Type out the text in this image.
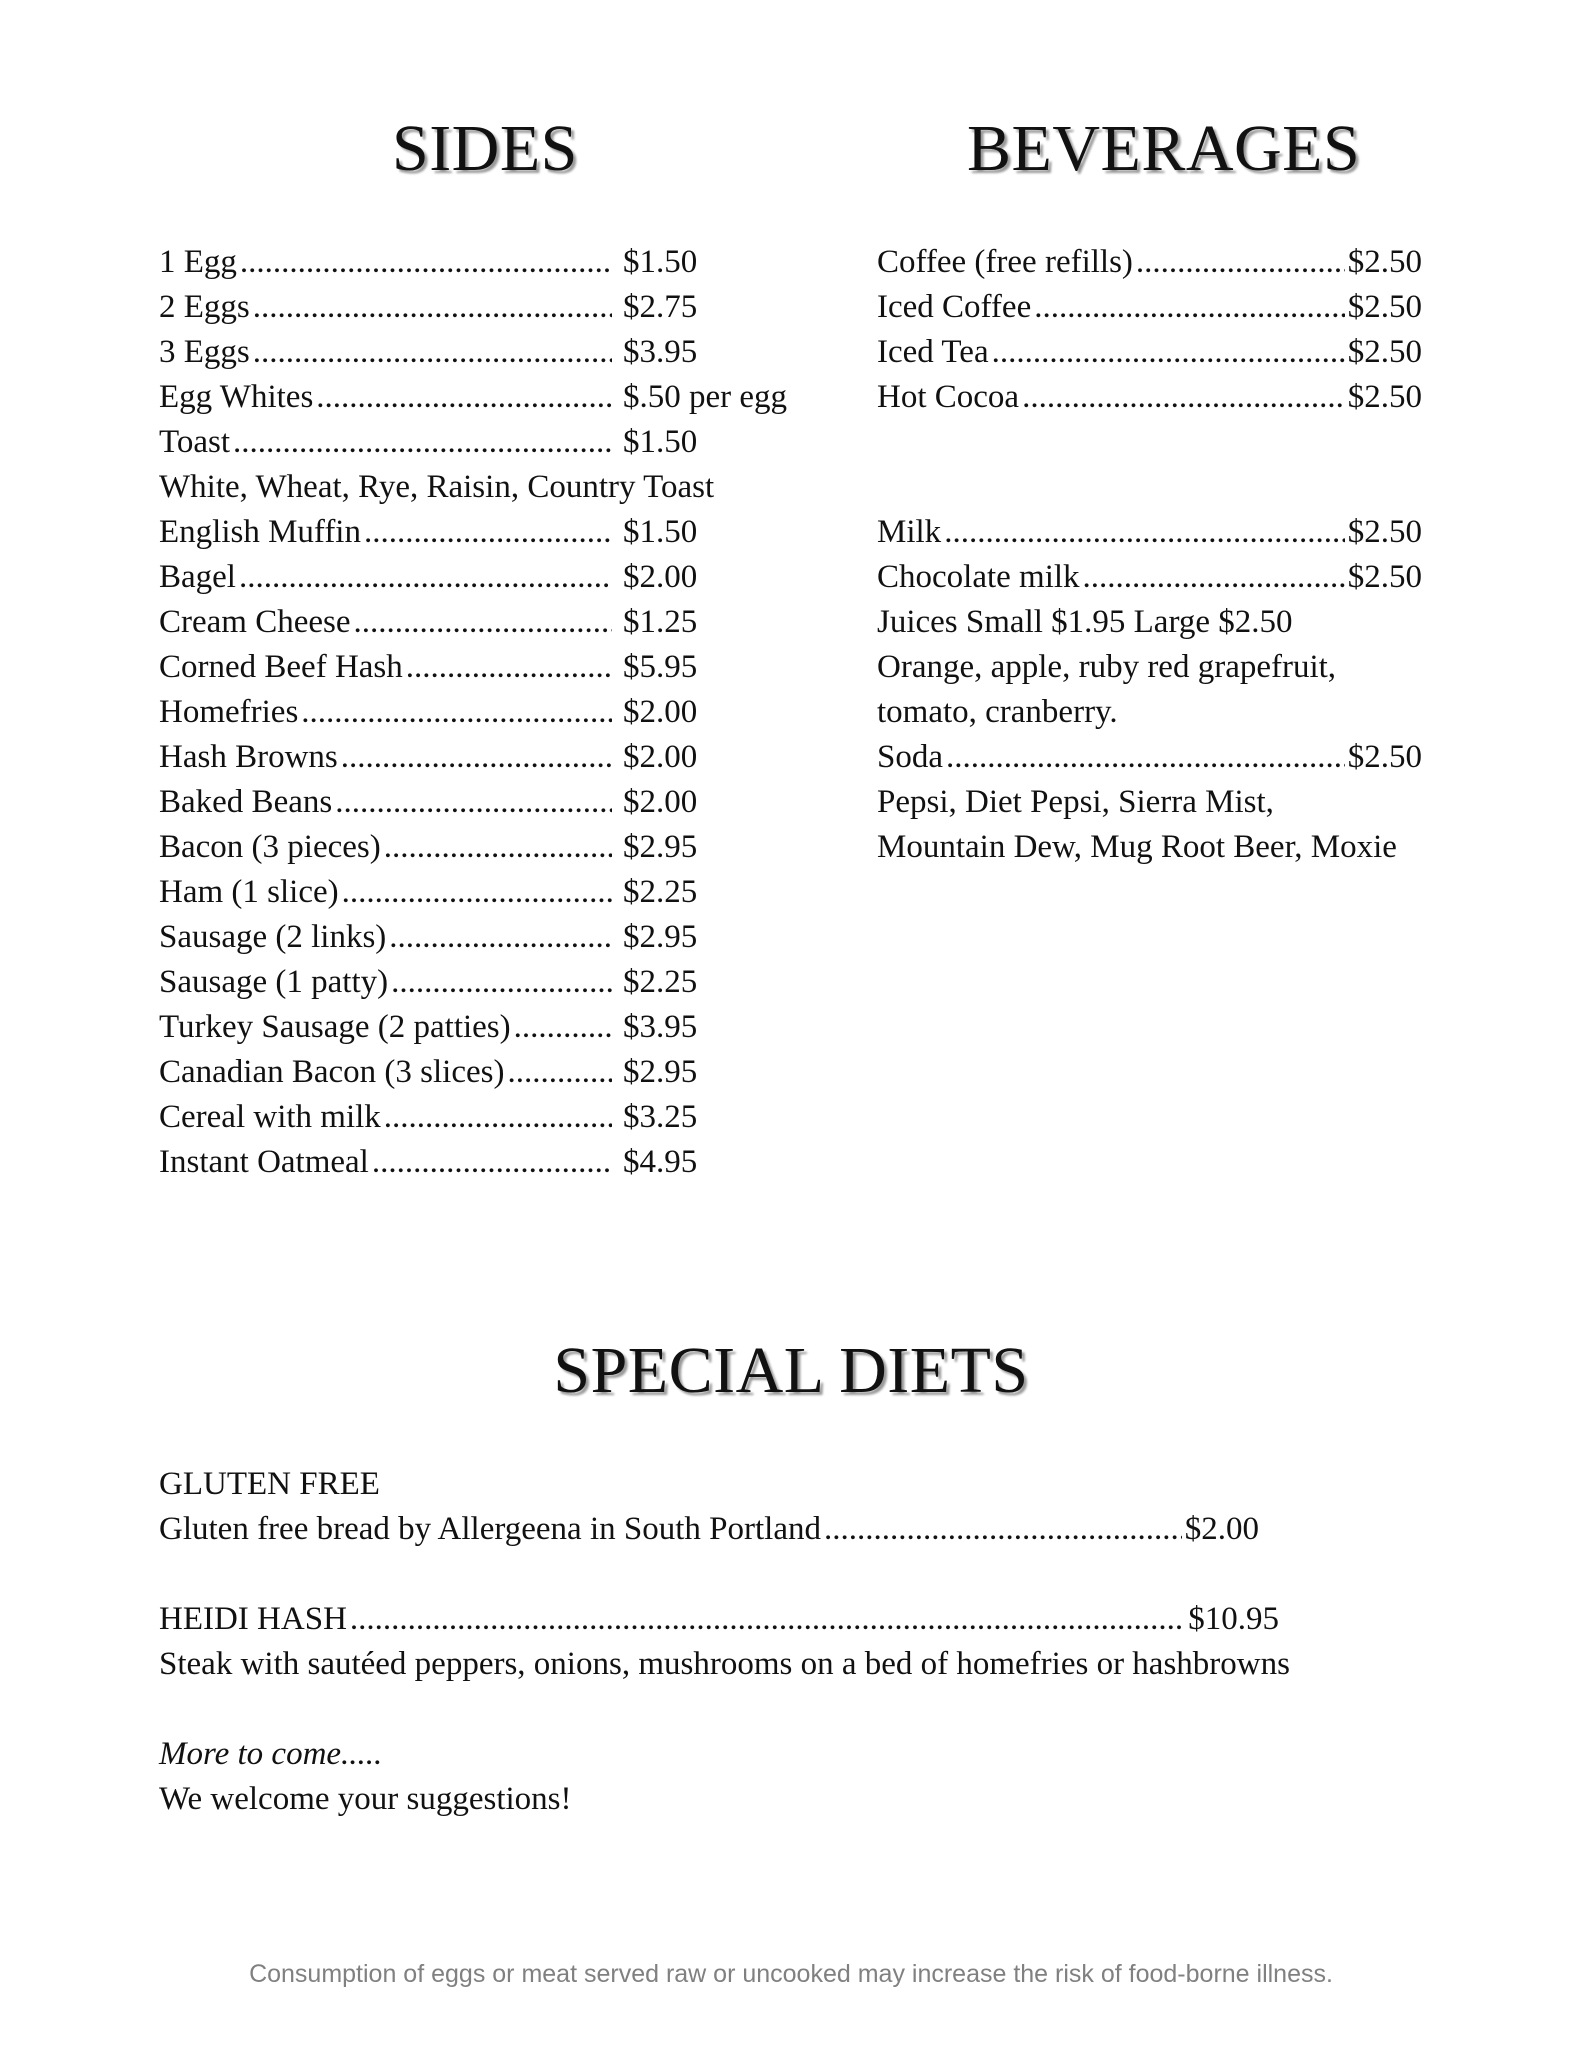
SIDES	BEVERAGES
1 Egg .....	$1.50
2 Eggs .....	$2.75
3 Eggs .....	$3.95
Egg Whites .....	$.50 per egg
Toast .....	$1.50
White, Wheat, Rye, Raisin, Country Toast
English Muffin .....	$1.50
Bagel .....	$2.00
Cream Cheese .....	$1.25
Corned Beef Hash .....	$5.95
Homefries .....	$2.00
Hash Browns .....	$2.00
Baked Beans .....	$2.00
Bacon (3 pieces) .....	$2.95
Ham (1 slice) .....	$2.25
Sausage (2 links) .....	$2.95
Sausage (1 patty) .....	$2.25
Turkey Sausage (2 patties) .....	$3.95
Canadian Bacon (3 slices) .....	$2.95
Cereal with milk .....	$3.25
Instant Oatmeal .....	$4.95
Coffee (free refills) .....	$2.50
Iced Coffee .....	$2.50
Iced Tea .....	$2.50
Hot Cocoa .....	$2.50
Milk .....	$2.50
Chocolate milk .....	$2.50
Juices Small $1.95 Large $2.50
Orange, apple, ruby red grapefruit,
tomato, cranberry.
Soda .....	$2.50
Pepsi, Diet Pepsi, Sierra Mist,
Mountain Dew, Mug Root Beer, Moxie
SPECIAL DIETS
GLUTEN FREE
Gluten free bread by Allergeena in South Portland .....	$2.00
HEIDI HASH .....	$10.95
Steak with sautéed peppers, onions, mushrooms on a bed of homefries or hashbrowns
More to come.....
We welcome your suggestions!
Consumption of eggs or meat served raw or uncooked may increase the risk of food-borne illness.
